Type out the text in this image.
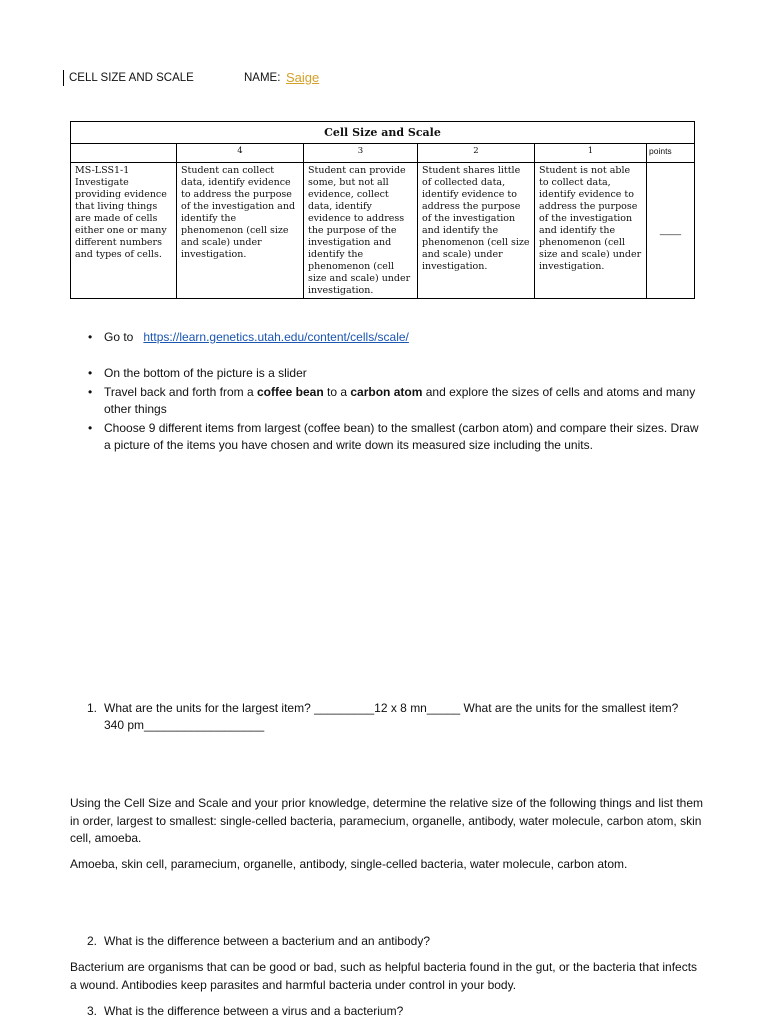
CELL SIZE AND SCALE	NAME: Saige
Cell Size and Scale					
	4	3	2	1	points
MS-LSS1-1 Investigate providing evidence that living things are made of cells either one or many different numbers and types of cells.	Student can collect data, identify evidence to address the purpose of the investigation and identify the phenomenon (cell size and scale) under investigation.	Student can provide some, but not all evidence, collect data, identify evidence to address the purpose of the investigation and identify the phenomenon (cell size and scale) under investigation.	Student shares little of collected data, identify evidence to address the purpose of the investigation and identify the phenomenon (cell size and scale) under investigation.	Student is not able to collect data, identify evidence to address the purpose of the investigation and identify the phenomenon (cell size and scale) under investigation.	____
• Go to https://learn.genetics.utah.edu/content/cells/scale/
• On the bottom of the picture is a slider
• Travel back and forth from a coffee bean to a carbon atom and explore the sizes of cells and atoms and many other things
• Choose 9 different items from largest (coffee bean) to the smallest (carbon atom) and compare their sizes. Draw a picture of the items you have chosen and write down its measured size including the units.
1. What are the units for the largest item? _________12 x 8 mn_____ What are the units for the smallest item? 340 pm__________________
Using the Cell Size and Scale and your prior knowledge, determine the relative size of the following things and list them in order, largest to smallest: single-celled bacteria, paramecium, organelle, antibody, water molecule, carbon atom, skin cell, amoeba.
Amoeba, skin cell, paramecium, organelle, antibody, single-celled bacteria, water molecule, carbon atom.
2. What is the difference between a bacterium and an antibody?
Bacterium are organisms that can be good or bad, such as helpful bacteria found in the gut, or the bacteria that infects a wound. Antibodies keep parasites and harmful bacteria under control in your body.
3. What is the difference between a virus and a bacterium?
